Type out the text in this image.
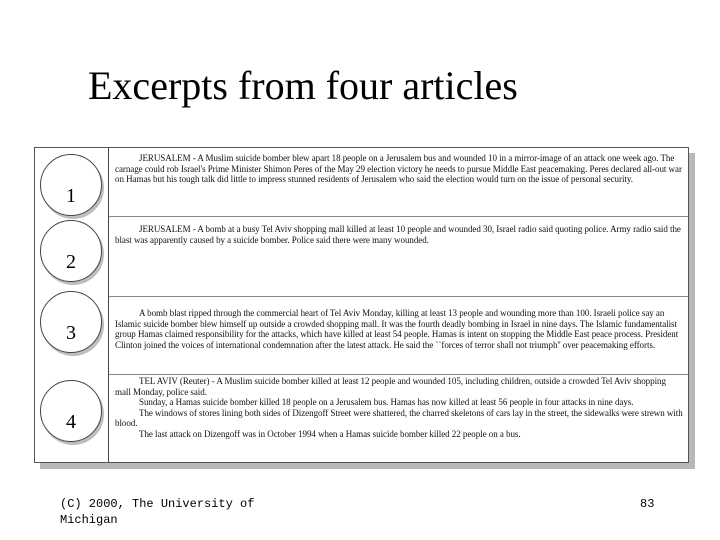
Excerpts from four articles
1
2
3
4

JERUSALEM - A Muslim suicide bomber blew apart 18 people on a Jerusalem bus and wounded 10 in a mirror-image of an attack one week ago. The carnage could rob Israel's Prime Minister Shimon Peres of the May 29 election victory he needs to pursue Middle East peacemaking. Peres declared all-out war on Hamas but his tough talk did little to impress stunned residents of Jerusalem who said the election would turn on the issue of personal security.

JERUSALEM - A bomb at a busy Tel Aviv shopping mall killed at least 10 people and wounded 30, Israel radio said quoting police. Army radio said the blast was apparently caused by a suicide bomber. Police said there were many wounded.

A bomb blast ripped through the commercial heart of Tel Aviv Monday, killing at least 13 people and wounding more than 100. Israeli police say an Islamic suicide bomber blew himself up outside a crowded shopping mall. It was the fourth deadly bombing in Israel in nine days. The Islamic fundamentalist group Hamas claimed responsibility for the attacks, which have killed at least 54 people. Hamas is intent on stopping the Middle East peace process. President Clinton joined the voices of international condemnation after the latest attack. He said the ``forces of terror shall not triumph'' over peacemaking efforts.

TEL AVIV (Reuter) - A Muslim suicide bomber killed at least 12 people and wounded 105, including children, outside a crowded Tel Aviv shopping mall Monday, police said.

Sunday, a Hamas suicide bomber killed 18 people on a Jerusalem bus. Hamas has now killed at least 56 people in four attacks in nine days.

The windows of stores lining both sides of Dizengoff Street were shattered, the charred skeletons of cars lay in the street, the sidewalks were strewn with blood.

The last attack on Dizengoff was in October 1994 when a Hamas suicide bomber killed 22 people on a bus.

(C) 2000, The University of Michigan
83
